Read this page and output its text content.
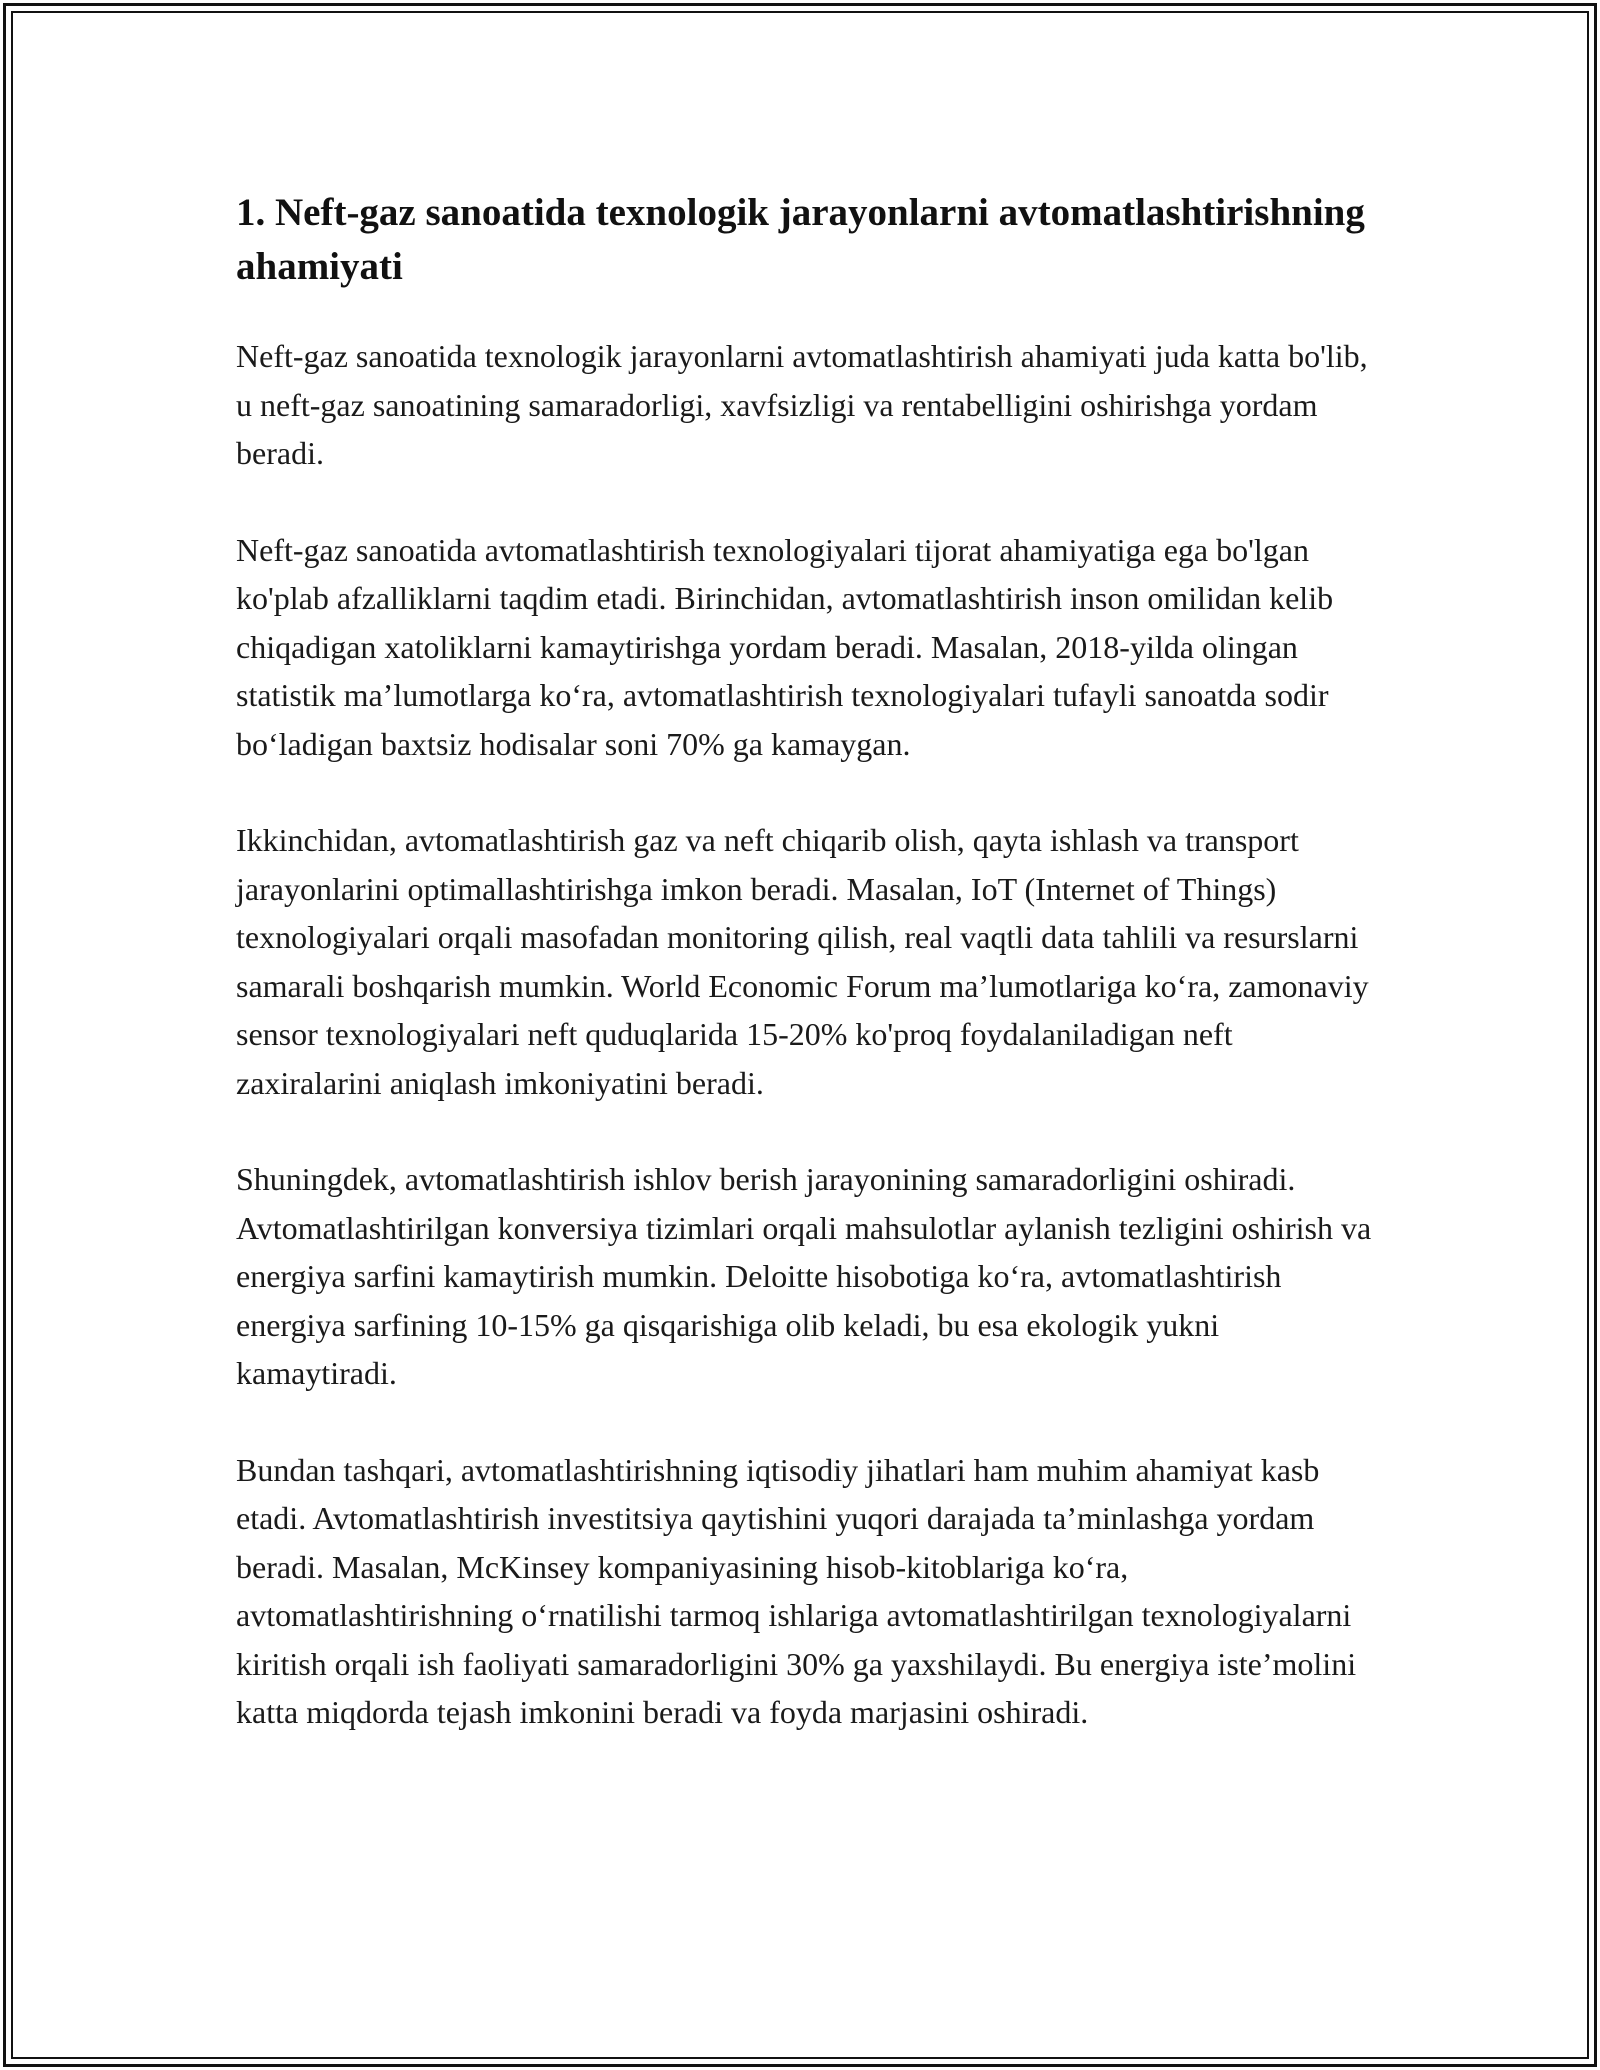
1. Neft-gaz sanoatida texnologik jarayonlarni avtomatlashtirishning ahamiyati

Neft-gaz sanoatida texnologik jarayonlarni avtomatlashtirish ahamiyati juda katta bo'lib, u neft-gaz sanoatining samaradorligi, xavfsizligi va rentabelligini oshirishga yordam beradi.

Neft-gaz sanoatida avtomatlashtirish texnologiyalari tijorat ahamiyatiga ega bo'lgan ko'plab afzalliklarni taqdim etadi. Birinchidan, avtomatlashtirish inson omilidan kelib chiqadigan xatoliklarni kamaytirishga yordam beradi. Masalan, 2018-yilda olingan statistik ma’lumotlarga ko‘ra, avtomatlashtirish texnologiyalari tufayli sanoatda sodir bo‘ladigan baxtsiz hodisalar soni 70% ga kamaygan.

Ikkinchidan, avtomatlashtirish gaz va neft chiqarib olish, qayta ishlash va transport jarayonlarini optimallashtirishga imkon beradi. Masalan, IoT (Internet of Things) texnologiyalari orqali masofadan monitoring qilish, real vaqtli data tahlili va resurslarni samarali boshqarish mumkin. World Economic Forum ma’lumotlariga ko‘ra, zamonaviy sensor texnologiyalari neft quduqlarida 15-20% ko'proq foydalaniladigan neft zaxiralarini aniqlash imkoniyatini beradi.

Shuningdek, avtomatlashtirish ishlov berish jarayonining samaradorligini oshiradi. Avtomatlashtirilgan konversiya tizimlari orqali mahsulotlar aylanish tezligini oshirish va energiya sarfini kamaytirish mumkin. Deloitte hisobotiga ko‘ra, avtomatlashtirish energiya sarfining 10-15% ga qisqarishiga olib keladi, bu esa ekologik yukni kamaytiradi.

Bundan tashqari, avtomatlashtirishning iqtisodiy jihatlari ham muhim ahamiyat kasb etadi. Avtomatlashtirish investitsiya qaytishini yuqori darajada ta’minlashga yordam beradi. Masalan, McKinsey kompaniyasining hisob-kitoblariga ko‘ra, avtomatlashtirishning o‘rnatilishi tarmoq ishlariga avtomatlashtirilgan texnologiyalarni kiritish orqali ish faoliyati samaradorligini 30% ga yaxshilaydi. Bu energiya iste’molini katta miqdorda tejash imkonini beradi va foyda marjasini oshiradi.
